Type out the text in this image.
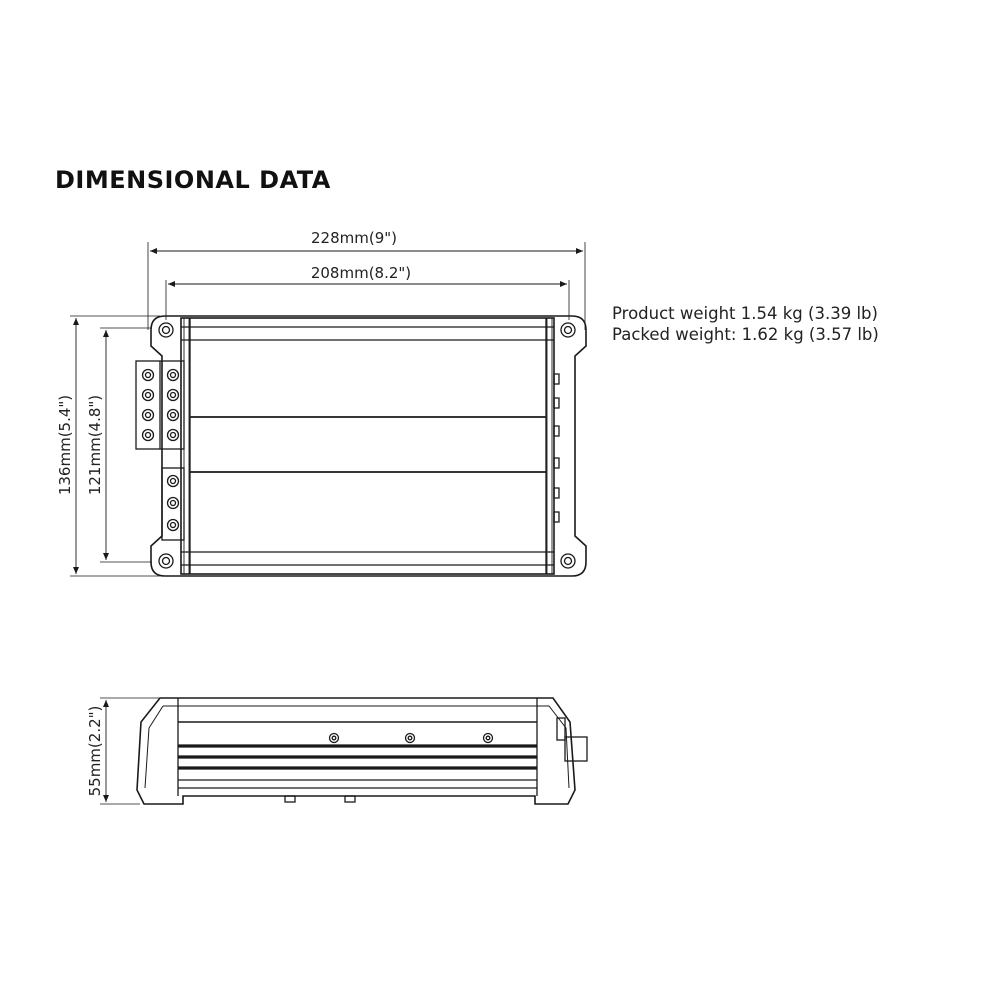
DIMENSIONAL DATA
Product weight 1.54 kg (3.39 lb)
Packed weight: 1.62 kg (3.57 lb)
228mm(9")
208mm(8.2")
136mm(5.4") 121mm(4.8")
55mm(2.2")
